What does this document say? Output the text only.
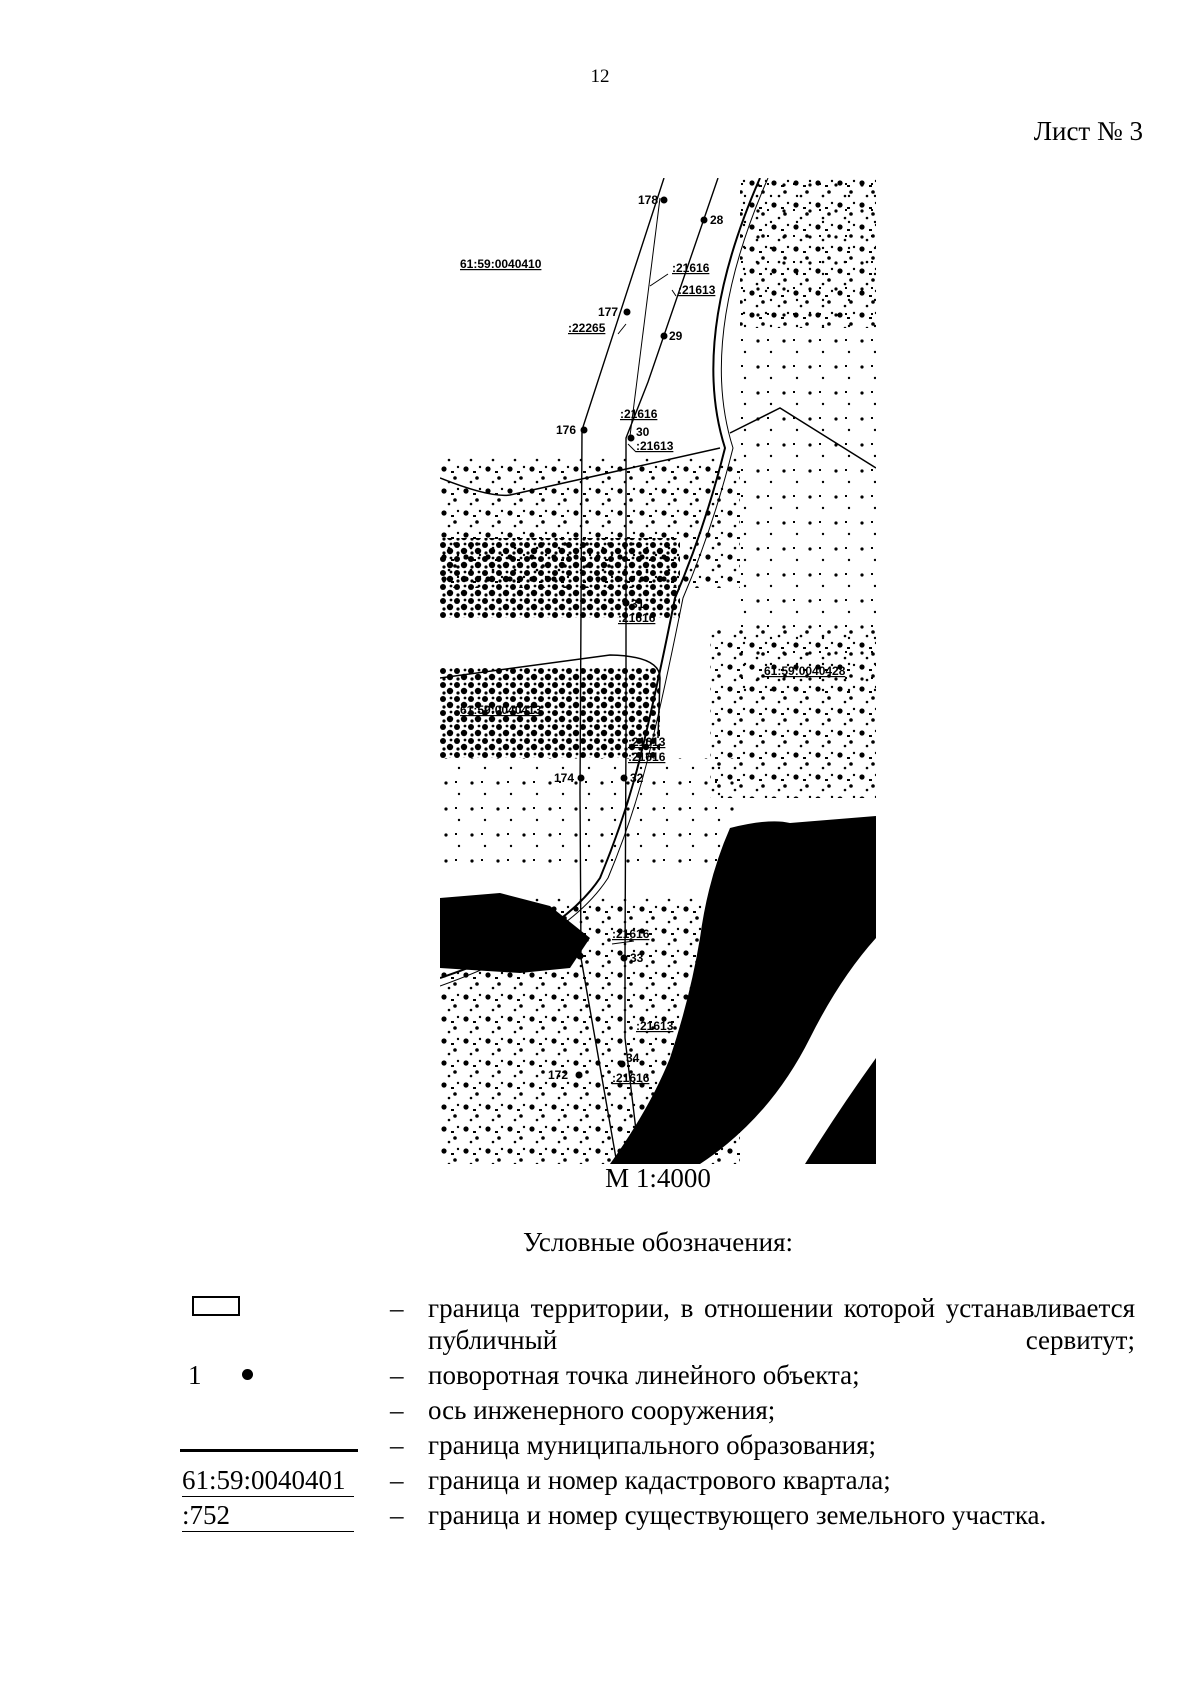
12
Лист № 3
178
28
177
29
176	30
31
174	32
173	33
34
172
61:59:0040410
61:59:0040428
61:59:0040413
:21616
:21613
:22265
:21616
:21613
:21616
:21613
:21616
:21616
:21613
:21616
М 1:4000
Условные обозначения:
– граница территории, в отношении которой устанавливается публичный сервитут;
1	– поворотная точка линейного объекта;
– ось инженерного сооружения;
– граница муниципального образования;
61:59:0040401	– граница и номер кадастрового квартала;
:752	– граница и номер существующего земельного участка.
